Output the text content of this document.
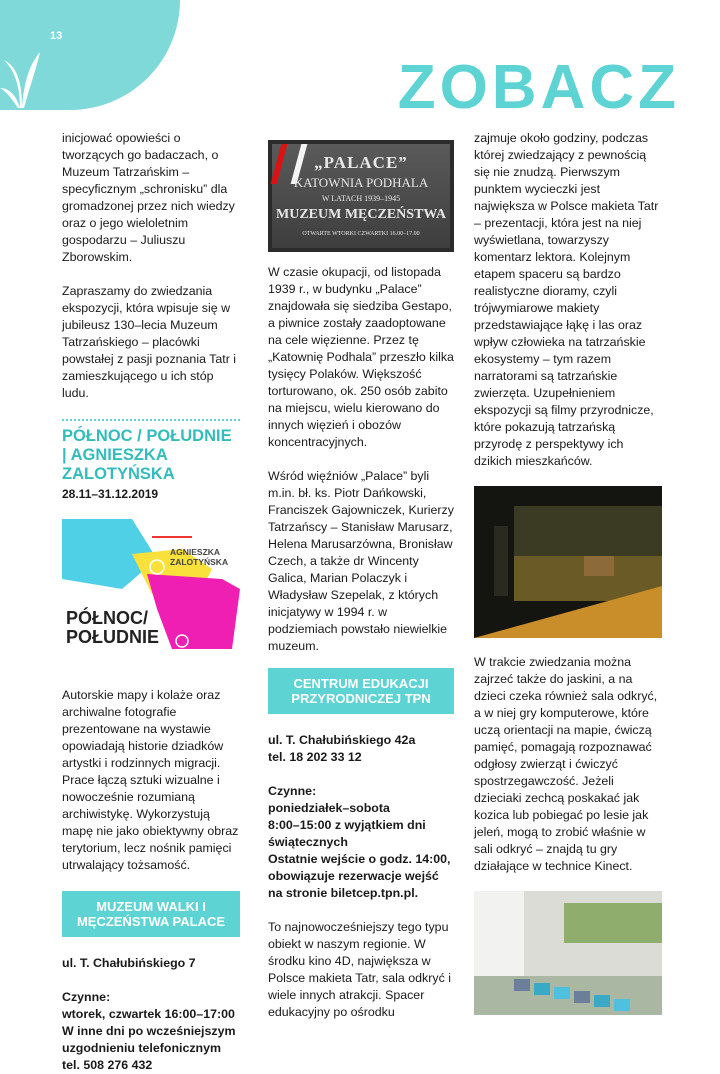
13
ZOBACZ

inicjować opowieści o tworzących go badaczach, o Muzeum Tatrzańskim – specyficznym „schronisku” dla gromadzonej przez nich wiedzy oraz o jego wieloletnim gospodarzu – Juliuszu Zborowskim.

Zapraszamy do zwiedzania ekspozycji, która wpisuje się w jubileusz 130–lecia Muzeum Tatrzańskiego – placówki powstałej z pasji poznania Tatr i zamieszkującego u ich stóp ludu.

PÓŁNOC / POŁUDNIE | AGNIESZKA ZALOTYŃSKA
28.11–31.12.2019
AGNIESZKA
ZALOTYŃSKA
PÓŁNOC/
POŁUDNIE

Autorskie mapy i kolaże oraz archiwalne fotografie prezentowane na wystawie opowiadają historie dziadków artystki i rodzinnych migracji. Prace łączą sztuki wizualne i nowocześnie rozumianą archiwistykę. Wykorzystują mapę nie jako obiektywny obraz terytorium, lecz nośnik pamięci utrwalający tożsamość.

MUZEUM WALKI I MĘCZEŃSTWA PALACE

ul. T. Chałubińskiego 7

Czynne:
wtorek, czwartek 16:00–17:00
W inne dni po wcześniejszym uzgodnieniu telefonicznym
tel. 508 276 432
„PALACE”
KATOWNIA PODHALA
W LATACH 1939–1945
MUZEUM MĘCZEŃSTWA
OTWARTE WTORKI CZWARTKI 16.00–17.00

W czasie okupacji, od listopada 1939 r., w budynku „Palace” znajdowała się siedziba Gestapo, a piwnice zostały zaadoptowane na cele więzienne. Przez tę „Katownię Podhala” przeszło kilka tysięcy Polaków. Większość torturowano, ok. 250 osób zabito na miejscu, wielu kierowano do innych więzień i obozów koncentracyjnych.

Wśród więźniów „Palace” byli m.in. bł. ks. Piotr Dańkowski, Franciszek Gajowniczek, Kurierzy Tatrzańscy – Stanisław Marusarz, Helena Marusarzówna, Bronisław Czech, a także dr Wincenty Galica, Marian Polaczyk i Władysław Szepelak, z których inicjatywy w 1994 r. w podziemiach powstało niewielkie muzeum.

CENTRUM EDUKACJI PRZYRODNICZEJ TPN
ul. T. Chałubińskiego 42a

tel. 18 202 33 12

Czynne:
poniedziałek–sobota
8:00–15:00 z wyjątkiem dni świątecznych

Ostatnie wejście o godz. 14:00, obowiązuje rezerwacje wejść na stronie biletcep.tpn.pl.

To najnowocześniejszy tego typu obiekt w naszym regionie. W środku kino 4D, największa w Polsce makieta Tatr, sala odkryć i wiele innych atrakcji. Spacer edukacyjny po ośrodku

zajmuje około godziny, podczas której zwiedzający z pewnością się nie znudzą. Pierwszym punktem wycieczki jest największa w Polsce makieta Tatr – prezentacji, która jest na niej wyświetlana, towarzyszy komentarz lektora. Kolejnym etapem spaceru są bardzo realistyczne dioramy, czyli trójwymiarowe makiety przedstawiające łąkę i las oraz wpływ człowieka na tatrzańskie ekosystemy – tym razem narratorami są tatrzańskie zwierzęta. Uzupełnieniem ekspozycji są filmy przyrodnicze, które pokazują tatrzańską przyrodę z perspektywy ich dzikich mieszkańców.

W trakcie zwiedzania można zajrzeć także do jaskini, a na dzieci czeka również sala odkryć, a w niej gry komputerowe, które uczą orientacji na mapie, ćwiczą pamięć, pomagają rozpoznawać odgłosy zwierząt i ćwiczyć spostrzegawczość. Jeżeli dzieciaki zechcą poskakać jak kozica lub pobiegać po lesie jak jeleń, mogą to zrobić właśnie w sali odkryć – znajdą tu gry działające w technice Kinect.
